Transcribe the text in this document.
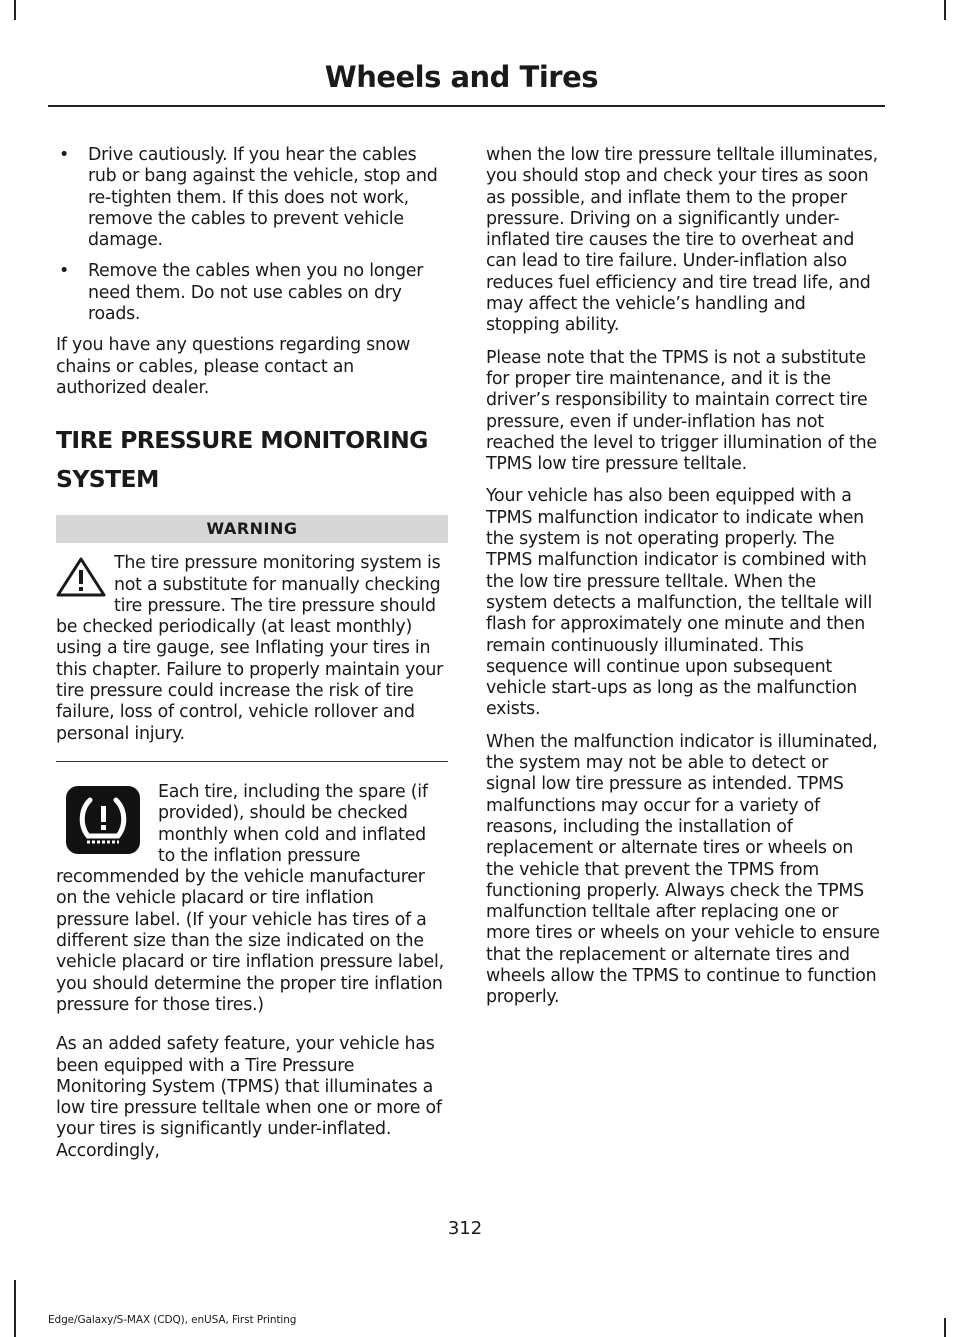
Wheels and Tires
• Drive cautiously. If you hear the cables rub or bang against the vehicle, stop and re-tighten them. If this does not work, remove the cables to prevent vehicle damage.
• Remove the cables when you no longer need them. Do not use cables on dry roads.

If you have any questions regarding snow chains or cables, please contact an authorized dealer.

TIRE PRESSURE MONITORING SYSTEM
WARNING

The tire pressure monitoring system is not a substitute for manually checking tire pressure. The tire pressure should be checked periodically (at least monthly) using a tire gauge, see Inflating your tires in this chapter. Failure to properly maintain your tire pressure could increase the risk of tire failure, loss of control, vehicle rollover and personal injury.

Each tire, including the spare (if provided), should be checked monthly when cold and inflated to the inflation pressure recommended by the vehicle manufacturer on the vehicle placard or tire inflation pressure label. (If your vehicle has tires of a different size than the size indicated on the vehicle placard or tire inflation pressure label, you should determine the proper tire inflation pressure for those tires.)

As an added safety feature, your vehicle has been equipped with a Tire Pressure Monitoring System (TPMS) that illuminates a low tire pressure telltale when one or more of your tires is significantly under-inflated. Accordingly,

when the low tire pressure telltale illuminates, you should stop and check your tires as soon as possible, and inflate them to the proper pressure. Driving on a significantly under-inflated tire causes the tire to overheat and can lead to tire failure. Under-inflation also reduces fuel efficiency and tire tread life, and may affect the vehicle’s handling and stopping ability.

Please note that the TPMS is not a substitute for proper tire maintenance, and it is the driver’s responsibility to maintain correct tire pressure, even if under-inflation has not reached the level to trigger illumination of the TPMS low tire pressure telltale.

Your vehicle has also been equipped with a TPMS malfunction indicator to indicate when the system is not operating properly. The TPMS malfunction indicator is combined with the low tire pressure telltale. When the system detects a malfunction, the telltale will flash for approximately one minute and then remain continuously illuminated. This sequence will continue upon subsequent vehicle start-ups as long as the malfunction exists.

When the malfunction indicator is illuminated, the system may not be able to detect or signal low tire pressure as intended. TPMS malfunctions may occur for a variety of reasons, including the installation of replacement or alternate tires or wheels on the vehicle that prevent the TPMS from functioning properly. Always check the TPMS malfunction telltale after replacing one or more tires or wheels on your vehicle to ensure that the replacement or alternate tires and wheels allow the TPMS to continue to function properly.

312

Edge/Galaxy/S-MAX (CDQ), enUSA, First Printing
